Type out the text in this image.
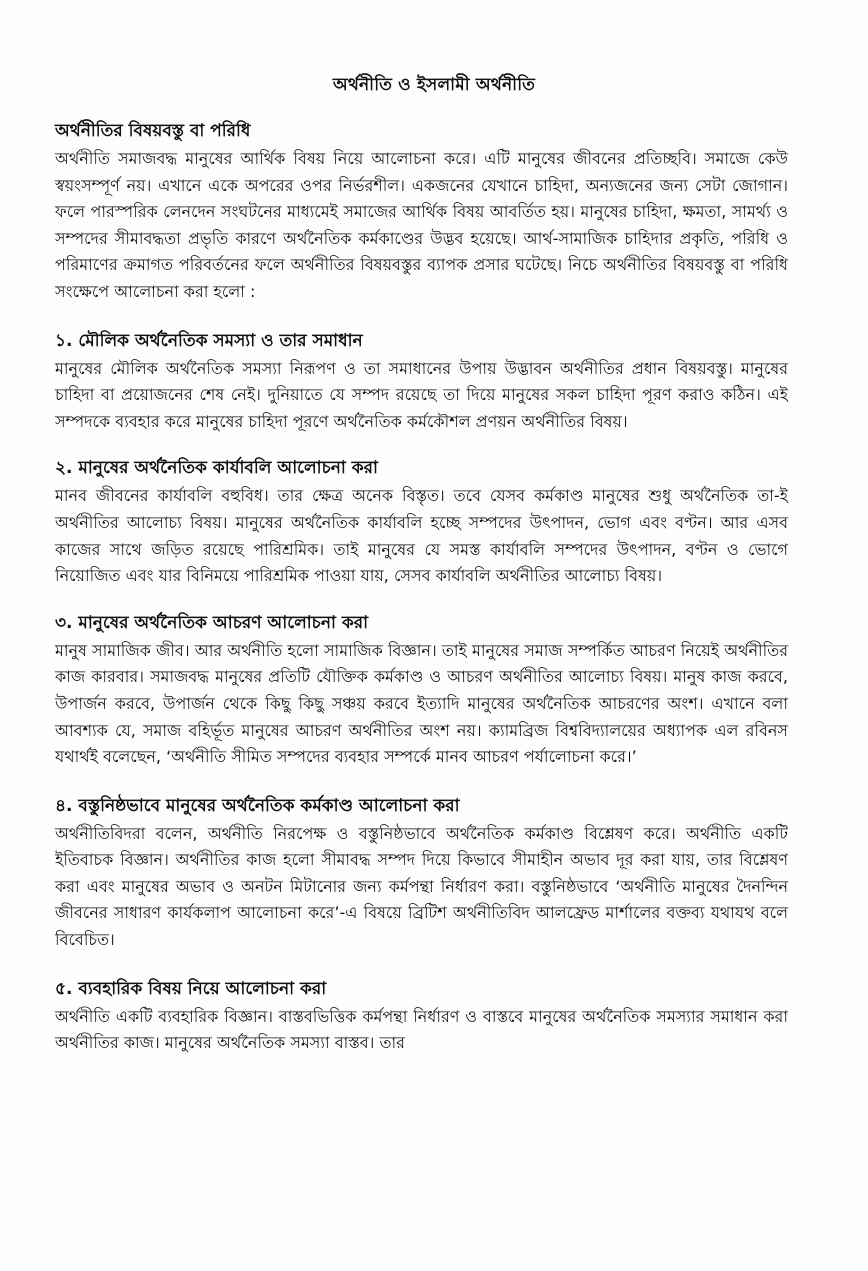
অর্থনীতি ও ইসলামী অর্থনীতি
অর্থনীতির বিষয়বস্তু বা পরিধি

অর্থনীতি সমাজবদ্ধ মানুষের আর্থিক বিষয় নিয়ে আলোচনা করে। এটি মানুষের জীবনের প্রতিচ্ছবি। সমাজে কেউ স্বয়ংসম্পূর্ণ নয়। এখানে একে অপরের ওপর নির্ভরশীল। একজনের যেখানে চাহিদা, অন্যজনের জন্য সেটা জোগান। ফলে পারস্পরিক লেনদেন সংঘটনের মাধ্যমেই সমাজের আর্থিক বিষয় আবর্তিত হয়। মানুষের চাহিদা, ক্ষমতা, সামর্থ্য ও সম্পদের সীমাবদ্ধতা প্রভৃতি কারণে অর্থনৈতিক কর্মকাণ্ডের উদ্ভব হয়েছে। আর্থ-সামাজিক চাহিদার প্রকৃতি, পরিধি ও পরিমাণের ক্রমাগত পরিবর্তনের ফলে অর্থনীতির বিষয়বস্তুর ব্যাপক প্রসার ঘটেছে। নিচে অর্থনীতির বিষয়বস্তু বা পরিধি সংক্ষেপে আলোচনা করা হলো :

১. মৌলিক অর্থনৈতিক সমস্যা ও তার সমাধান

মানুষের মৌলিক অর্থনৈতিক সমস্যা নিরূপণ ও তা সমাধানের উপায় উদ্ভাবন অর্থনীতির প্রধান বিষয়বস্তু। মানুষের চাহিদা বা প্রয়োজনের শেষ নেই। দুনিয়াতে যে সম্পদ রয়েছে তা দিয়ে মানুষের সকল চাহিদা পূরণ করাও কঠিন। এই সম্পদকে ব্যবহার করে মানুষের চাহিদা পূরণে অর্থনৈতিক কর্মকৌশল প্রণয়ন অর্থনীতির বিষয়।

২. মানুষের অর্থনৈতিক কার্যাবলি আলোচনা করা

মানব জীবনের কার্যাবলি বহুবিধ। তার ক্ষেত্র অনেক বিস্তৃত। তবে যেসব কর্মকাণ্ড মানুষের শুধু অর্থনৈতিক তা-ই অর্থনীতির আলোচ্য বিষয়। মানুষের অর্থনৈতিক কার্যাবলি হচ্ছে সম্পদের উৎপাদন, ভোগ এবং বণ্টন। আর এসব কাজের সাথে জড়িত রয়েছে পারিশ্রমিক। তাই মানুষের যে সমস্ত কার্যাবলি সম্পদের উৎপাদন, বণ্টন ও ভোগে নিয়োজিত এবং যার বিনিময়ে পারিশ্রমিক পাওয়া যায়, সেসব কার্যাবলি অর্থনীতির আলোচ্য বিষয়।

৩. মানুষের অর্থনৈতিক আচরণ আলোচনা করা

মানুষ সামাজিক জীব। আর অর্থনীতি হলো সামাজিক বিজ্ঞান। তাই মানুষের সমাজ সম্পর্কিত আচরণ নিয়েই অর্থনীতির কাজ কারবার। সমাজবদ্ধ মানুষের প্রতিটি যৌক্তিক কর্মকাণ্ড ও আচরণ অর্থনীতির আলোচ্য বিষয়। মানুষ কাজ করবে, উপার্জন করবে, উপার্জন থেকে কিছু কিছু সঞ্চয় করবে ইত্যাদি মানুষের অর্থনৈতিক আচরণের অংশ। এখানে বলা আবশ্যক যে, সমাজ বহির্ভূত মানুষের আচরণ অর্থনীতির অংশ নয়। ক্যামব্রিজ বিশ্ববিদ্যালয়ের অধ্যাপক এল রবিনস যথার্থই বলেছেন, ‘অর্থনীতি সীমিত সম্পদের ব্যবহার সম্পর্কে মানব আচরণ পর্যালোচনা করে।’

৪. বস্তুনিষ্ঠভাবে মানুষের অর্থনৈতিক কর্মকাণ্ড আলোচনা করা

অর্থনীতিবিদরা বলেন, অর্থনীতি নিরপেক্ষ ও বস্তুনিষ্ঠভাবে অর্থনৈতিক কর্মকাণ্ড বিশ্লেষণ করে। অর্থনীতি একটি ইতিবাচক বিজ্ঞান। অর্থনীতির কাজ হলো সীমাবদ্ধ সম্পদ দিয়ে কিভাবে সীমাহীন অভাব দূর করা যায়, তার বিশ্লেষণ করা এবং মানুষের অভাব ও অনটন মিটানোর জন্য কর্মপন্থা নির্ধারণ করা। বস্তুনিষ্ঠভাবে ‘অর্থনীতি মানুষের দৈনন্দিন জীবনের সাধারণ কার্যকলাপ আলোচনা করে’-এ বিষয়ে ব্রিটিশ অর্থনীতিবিদ আলফ্রেড মার্শালের বক্তব্য যথাযথ বলে বিবেচিত।

৫. ব্যবহারিক বিষয় নিয়ে আলোচনা করা

অর্থনীতি একটি ব্যবহারিক বিজ্ঞান। বাস্তবভিত্তিক কর্মপন্থা নির্ধারণ ও বাস্তবে মানুষের অর্থনৈতিক সমস্যার সমাধান করা অর্থনীতির কাজ। মানুষের অর্থনৈতিক সমস্যা বাস্তব। তার
